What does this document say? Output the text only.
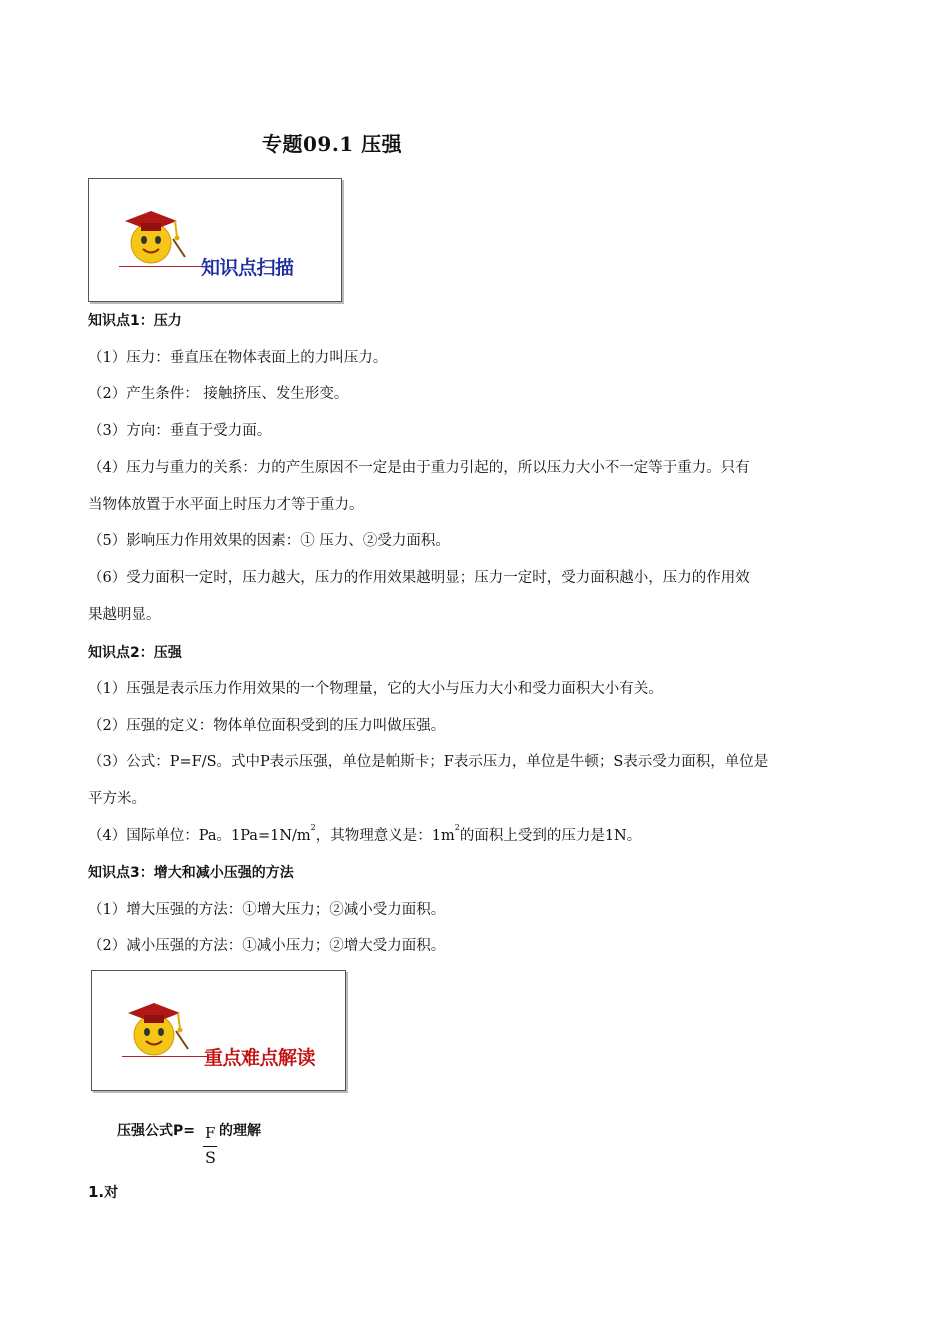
专题09.1 压强
知识点扫描
知识点1：压力
（1）压力：垂直压在物体表面上的力叫压力。
（2）产生条件： 接触挤压、发生形变。
（3）方向：垂直于受力面。
（4）压力与重力的关系：力的产生原因不一定是由于重力引起的，所以压力大小不一定等于重力。只有
当物体放置于水平面上时压力才等于重力。
（5）影响压力作用效果的因素：① 压力、②受力面积。
（6）受力面积一定时，压力越大，压力的作用效果越明显；压力一定时，受力面积越小，压力的作用效
果越明显。
知识点2：压强
（1）压强是表示压力作用效果的一个物理量，它的大小与压力大小和受力面积大小有关。
（2）压强的定义：物体单位面积受到的压力叫做压强。
（3）公式：P=F/S。式中P表示压强，单位是帕斯卡；F表示压力，单位是牛顿；S表示受力面积，单位是
平方米。
（4）国际单位：Pa。$1Pa=1N/m^2$，其物理意义是：$1m^2$的面积上受到的压力是1N。
知识点3：增大和减小压强的方法
（1）增大压强的方法：①增大压力；②减小受力面积。
（2）减小压强的方法：①减小压力；②增大受力面积。
重点难点解读
F
压强公式P= 的理解
S
1.对
